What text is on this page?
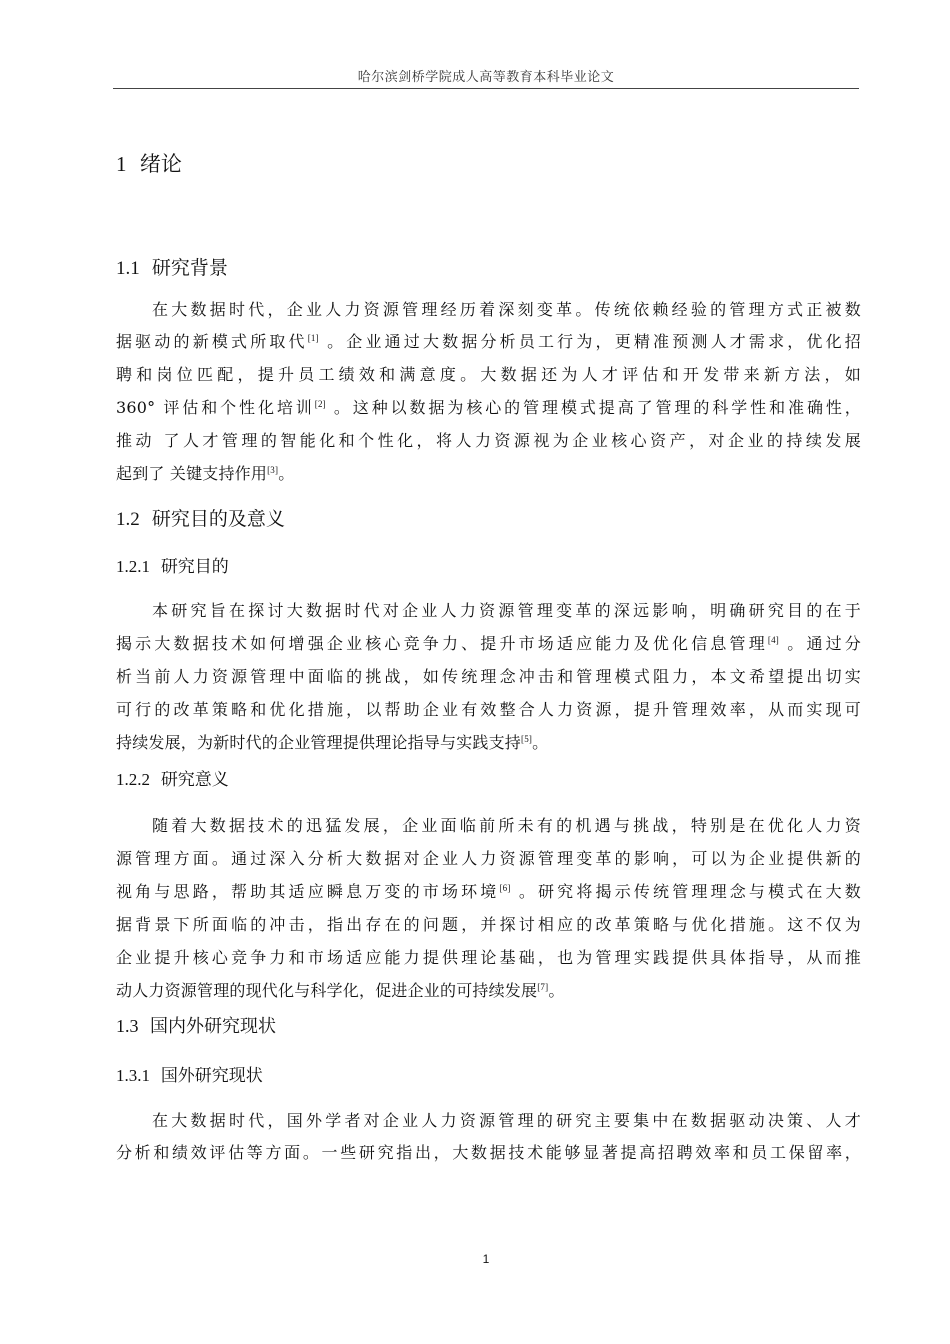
哈尔滨剑桥学院成人高等教育本科毕业论文
1 绪论
1.1 研究背景
在大数据时代，企业人力资源管理经历着深刻变革。传统依赖经验的管理方式正被数
据驱动的新模式所取代[1] 。企业通过大数据分析员工行为，更精准预测人才需求，优化招
聘和岗位匹配，提升员工绩效和满意度。大数据还为人才评估和开发带来新方法，如
360° 评估和个性化培训[2] 。这种以数据为核心的管理模式提高了管理的科学性和准确性，
推动 了人才管理的智能化和个性化，将人力资源视为企业核心资产，对企业的持续发展
起到了 关键支持作用[3]。
1.2 研究目的及意义
1.2.1 研究目的
本研究旨在探讨大数据时代对企业人力资源管理变革的深远影响，明确研究目的在于
揭示大数据技术如何增强企业核心竞争力、提升市场适应能力及优化信息管理[4] 。通过分
析当前人力资源管理中面临的挑战，如传统理念冲击和管理模式阻力，本文希望提出切实
可行的改革策略和优化措施，以帮助企业有效整合人力资源，提升管理效率，从而实现可
持续发展，为新时代的企业管理提供理论指导与实践支持[5]。
1.2.2 研究意义
随着大数据技术的迅猛发展，企业面临前所未有的机遇与挑战，特别是在优化人力资
源管理方面。通过深入分析大数据对企业人力资源管理变革的影响，可以为企业提供新的
视角与思路，帮助其适应瞬息万变的市场环境[6] 。研究将揭示传统管理理念与模式在大数
据背景下所面临的冲击，指出存在的问题，并探讨相应的改革策略与优化措施。这不仅为
企业提升核心竞争力和市场适应能力提供理论基础，也为管理实践提供具体指导，从而推
动人力资源管理的现代化与科学化，促进企业的可持续发展[7]。
1.3 国内外研究现状
1.3.1 国外研究现状
在大数据时代，国外学者对企业人力资源管理的研究主要集中在数据驱动决策、人才
分析和绩效评估等方面。一些研究指出，大数据技术能够显著提高招聘效率和员工保留率，
1
